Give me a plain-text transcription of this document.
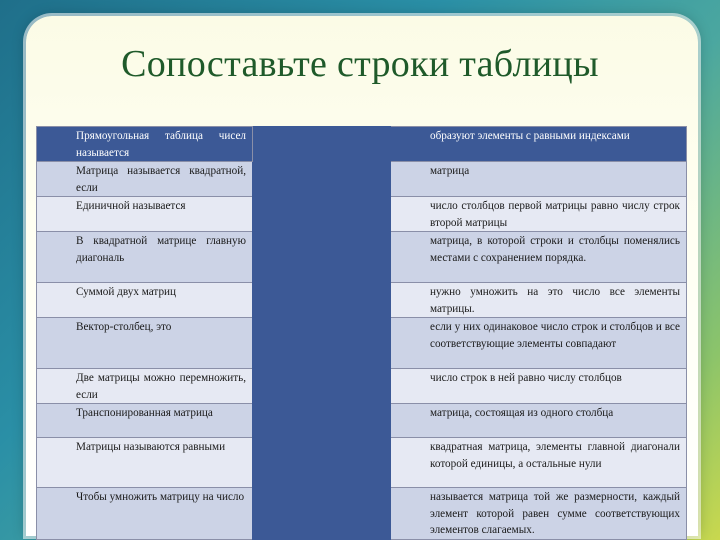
Сопоставьте строки таблицы
Прямоугольная таблица чисел называется		образуют элементы с равными индексами
Матрица называется квадратной, если		матрица
Единичной называется		число столбцов первой матрицы равно числу строк второй матрицы
В квадратной матрице главную диагональ		матрица, в которой строки и столбцы поменялись местами с сохранением порядка.
Суммой двух матриц		нужно умножить на это число все элементы матрицы.
Вектор-столбец, это		если у них одинаковое число строк и столбцов и все соответствующие элементы совпадают
Две матрицы можно перемножить, если		число строк в ней равно числу столбцов
Транспонированная матрица		матрица, состоящая из одного столбца
Матрицы называются равными		квадратная матрица, элементы главной диагонали которой единицы, а остальные нули
Чтобы умножить матрицу на число		называется матрица той же размерности, каждый элемент которой равен сумме соответствующих элементов слагаемых.
